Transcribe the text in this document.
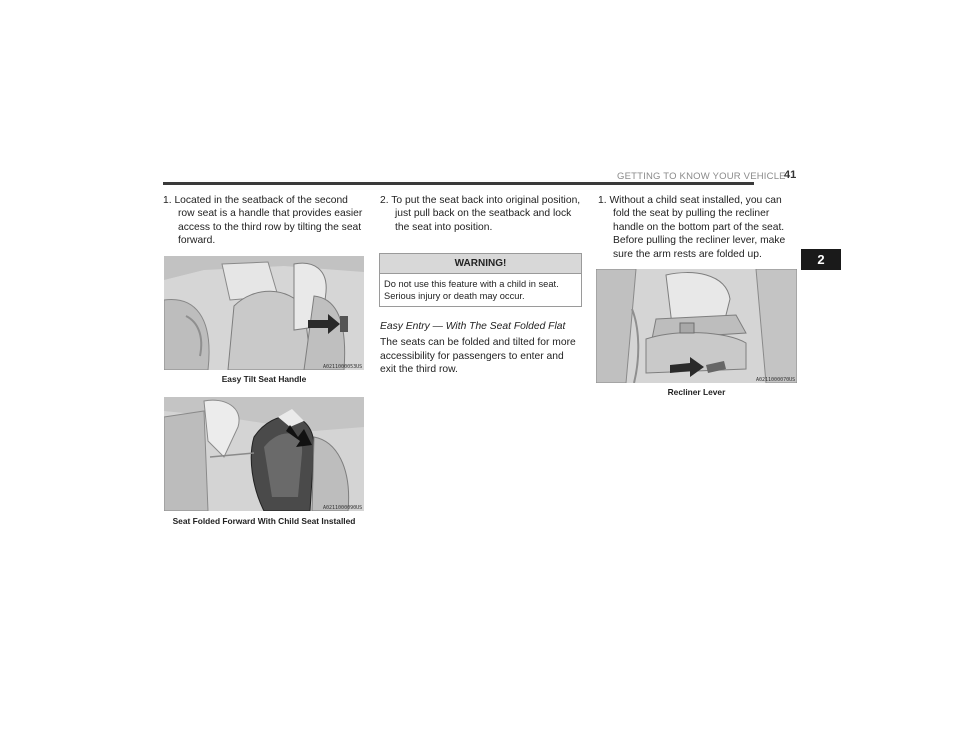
GETTING TO KNOW YOUR VEHICLE
41
2

1. Located in the seatback of the second row seat is a handle that provides easier access to the third row by tilting the seat forward.

A0211000053US
Easy Tilt Seat Handle
A0211000090US
Seat Folded Forward With Child Seat Installed

2. To put the seat back into original position, just pull back on the seatback and lock the seat into position.

WARNING!
Do not use this feature with a child in seat. Serious injury or death may occur.

Easy Entry — With The Seat Folded Flat

The seats can be folded and tilted for more accessibility for passengers to enter and exit the third row.

1. Without a child seat installed, you can fold the seat by pulling the recliner handle on the bottom part of the seat. Before pulling the recliner lever, make sure the arm rests are folded up.

A0211000070US
Recliner Lever
